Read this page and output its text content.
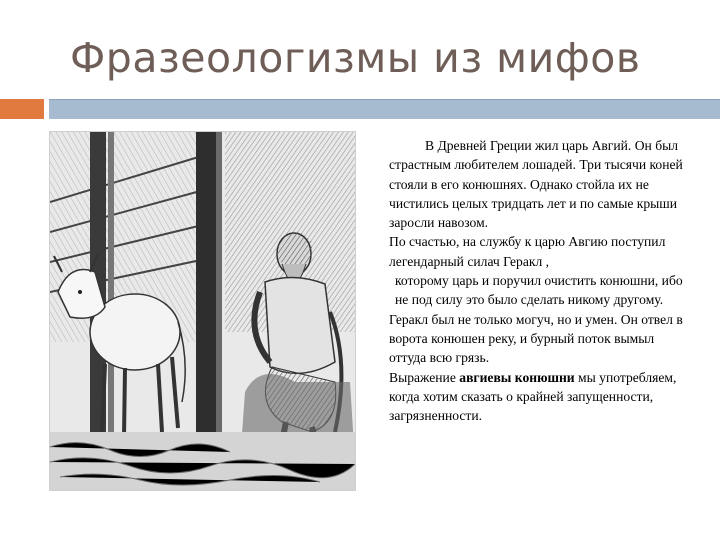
Фразеологизмы из мифов

В Древней Греции жил царь Авгий. Он был страстным любителем лошадей. Три тысячи коней стояли в его конюшнях. Однако стойла их не чистились целых тридцать лет и по самые крыши заросли навозом.

По счастью, на службу к царю Авгию поступил легендарный силач Геракл ,

которому царь и поручил очистить конюшни, ибо не под силу это было сделать никому другому.

Геракл был не только могуч, но и умен. Он отвел в ворота конюшен реку, и бурный поток вымыл оттуда всю грязь.

Выражение авгиевы конюшни мы употребляем, когда хотим сказать о крайней запущенности, загрязненности.
